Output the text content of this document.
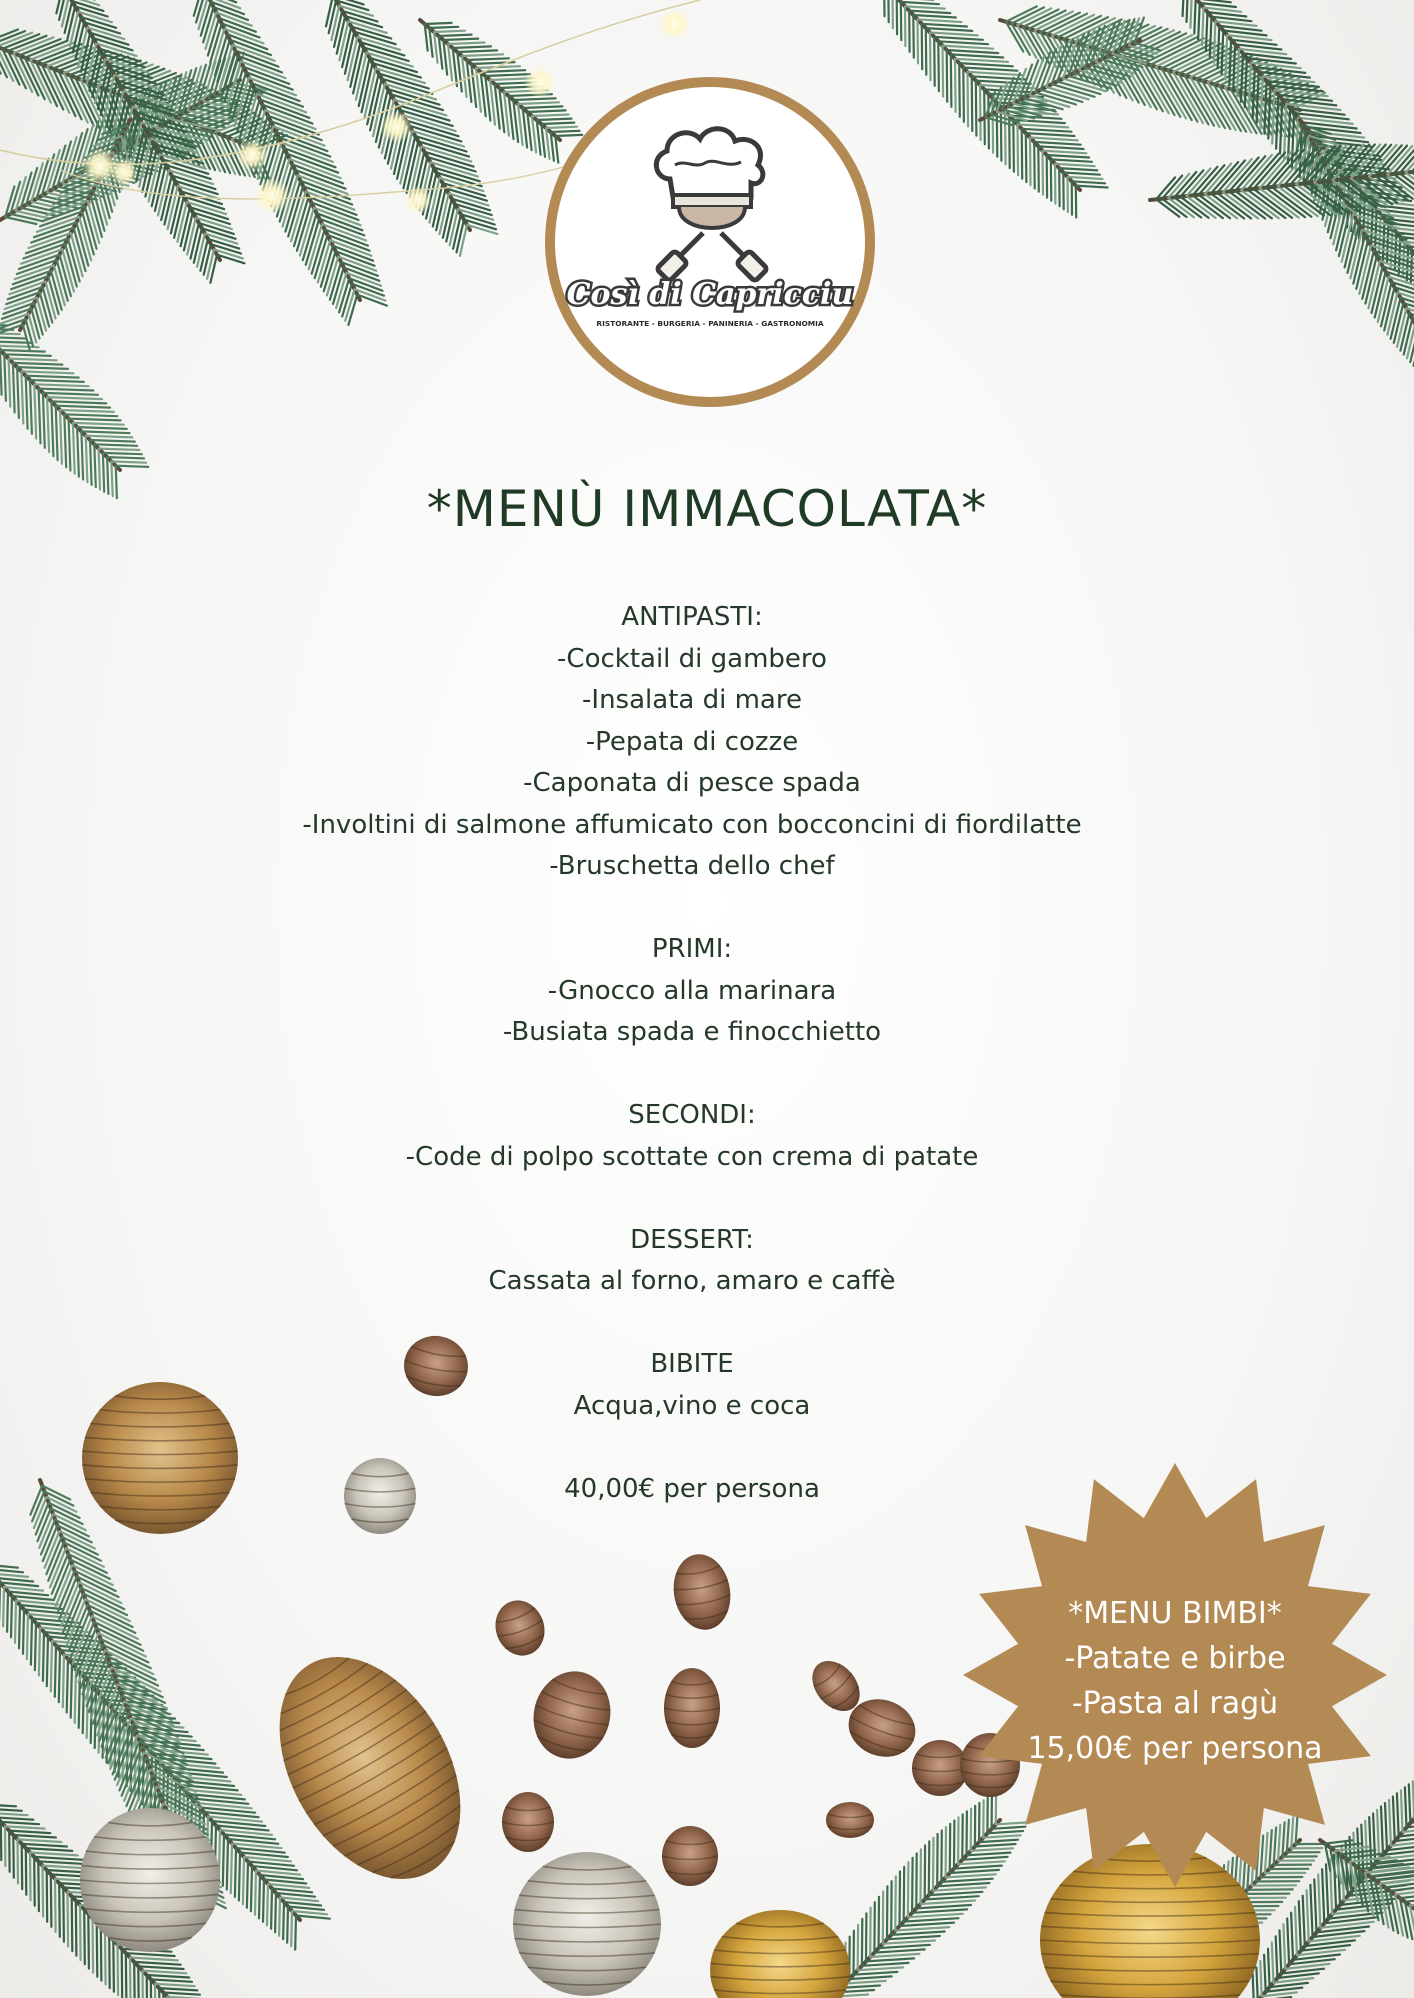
Così di Capricciu
RISTORANTE - BURGERIA - PANINERIA - GASTRONOMIA
*MENÙ IMMACOLATA*
ANTIPASTI:
-Cocktail di gambero
-Insalata di mare
-Pepata di cozze
-Caponata di pesce spada
-Involtini di salmone affumicato con bocconcini di fiordilatte
-Bruschetta dello chef
PRIMI:
-Gnocco alla marinara
-Busiata spada e finocchietto
SECONDI:
-Code di polpo scottate con crema di patate
DESSERT:
Cassata al forno, amaro e caffè
BIBITE
Acqua,vino e coca
40,00€ per persona
*MENU BIMBI*
-Patate e birbe
-Pasta al ragù
15,00€ per persona
